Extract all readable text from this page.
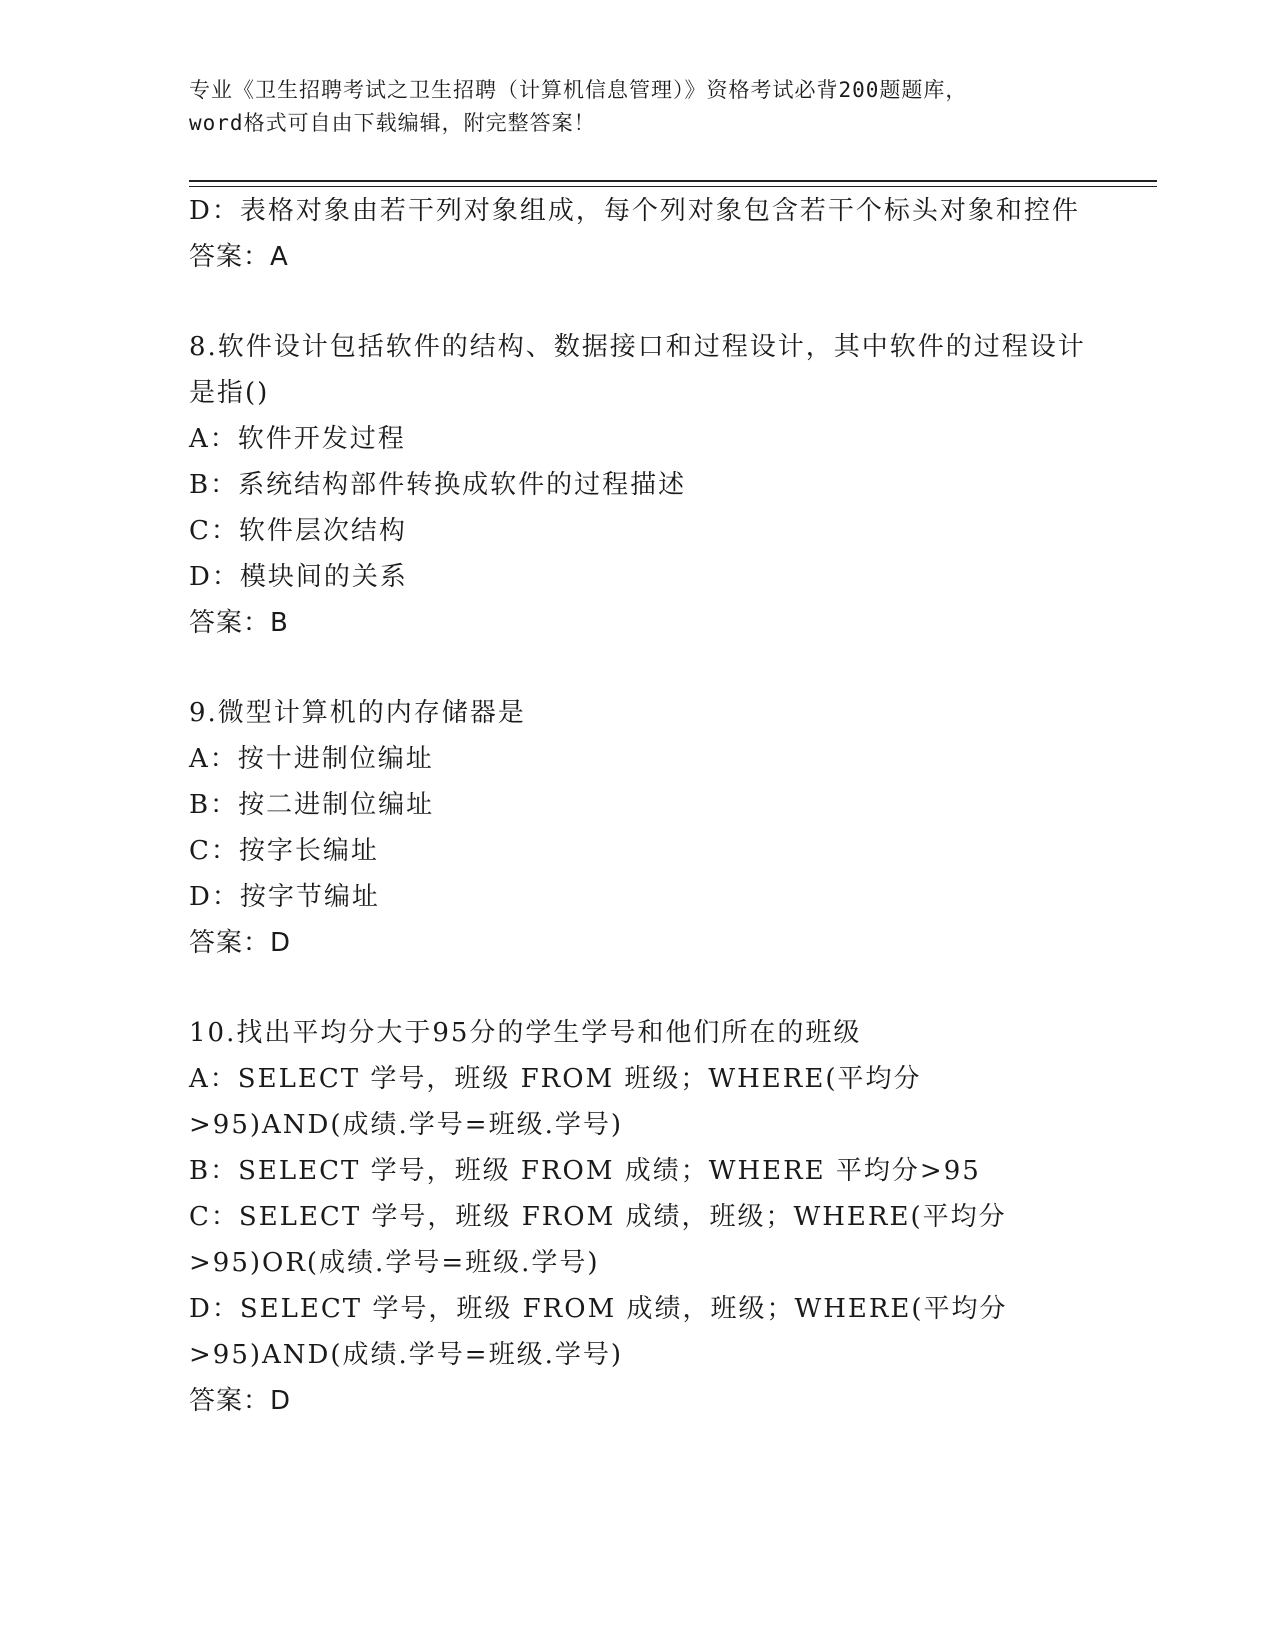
专业《卫生招聘考试之卫生招聘（计算机信息管理）》资格考试必背200题题库，
word格式可自由下载编辑，附完整答案！
D：表格对象由若干列对象组成，每个列对象包含若干个标头对象和控件
答案：A
8.软件设计包括软件的结构、数据接口和过程设计，其中软件的过程设计是指()
A：软件开发过程
B：系统结构部件转换成软件的过程描述
C：软件层次结构
D：模块间的关系
答案：B
9.微型计算机的内存储器是
A：按十进制位编址
B：按二进制位编址
C：按字长编址
D：按字节编址
答案：D
10.找出平均分大于95分的学生学号和他们所在的班级
A：SELECT 学号，班级 FROM 班级；WHERE(平均分>95)AND(成绩.学号=班级.学号)
B：SELECT 学号，班级 FROM 成绩；WHERE 平均分>95
C：SELECT 学号，班级 FROM 成绩，班级；WHERE(平均分>95)OR(成绩.学号=班级.学号)
D：SELECT 学号，班级 FROM 成绩，班级；WHERE(平均分>95)AND(成绩.学号=班级.学号)
答案：D
